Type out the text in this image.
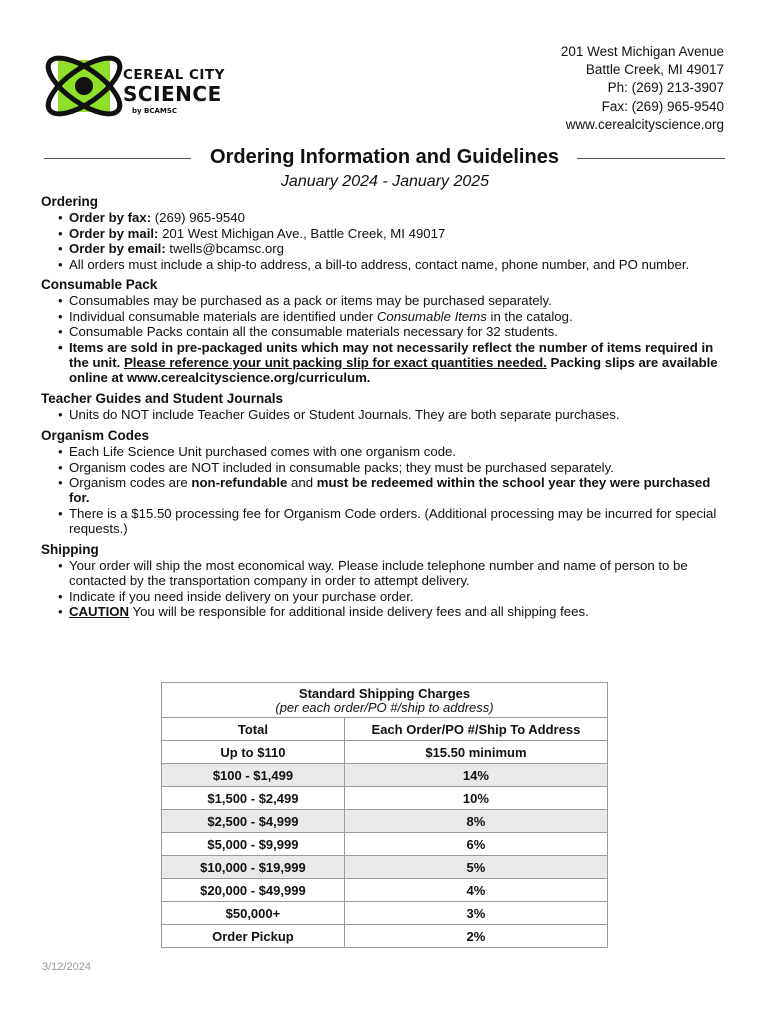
CEREAL CITY
SCIENCE
by BCAMSC
201 West Michigan Avenue
Battle Creek, MI 49017
Ph: (269) 213-3907
Fax: (269) 965-9540
www.cerealcityscience.org
Ordering Information and Guidelines
January 2024 - January 2025
Ordering
• Order by fax: (269) 965-9540
• Order by mail: 201 West Michigan Ave., Battle Creek, MI 49017
• Order by email: twells@bcamsc.org
• All orders must include a ship-to address, a bill-to address, contact name, phone number, and PO number.
Consumable Pack
• Consumables may be purchased as a pack or items may be purchased separately.
• Individual consumable materials are identified under Consumable Items in the catalog.
• Consumable Packs contain all the consumable materials necessary for 32 students.
• Items are sold in pre-packaged units which may not necessarily reflect the number of items required in the unit. Please reference your unit packing slip for exact quantities needed. Packing slips are available online at www.cerealcityscience.org/curriculum.
Teacher Guides and Student Journals
• Units do NOT include Teacher Guides or Student Journals. They are both separate purchases.
Organism Codes
• Each Life Science Unit purchased comes with one organism code.
• Organism codes are NOT included in consumable packs; they must be purchased separately.
• Organism codes are non-refundable and must be redeemed within the school year they were purchased for.
• There is a $15.50 processing fee for Organism Code orders. (Additional processing may be incurred for special requests.)
Shipping
• Your order will ship the most economical way. Please include telephone number and name of person to be contacted by the transportation company in order to attempt delivery.
• Indicate if you need inside delivery on your purchase order.
• CAUTION You will be responsible for additional inside delivery fees and all shipping fees.
Standard Shipping Charges
(per each order/PO #/ship to address)	

Total	Each Order/PO #/Ship To Address
Up to $110	$15.50 minimum
$100 - $1,499	14%
$1,500 - $2,499	10%
$2,500 - $4,999	8%
$5,000 - $9,999	6%
$10,000 - $19,999	5%
$20,000 - $49,999	4%
$50,000+	3%
Order Pickup	2%
3/12/2024
